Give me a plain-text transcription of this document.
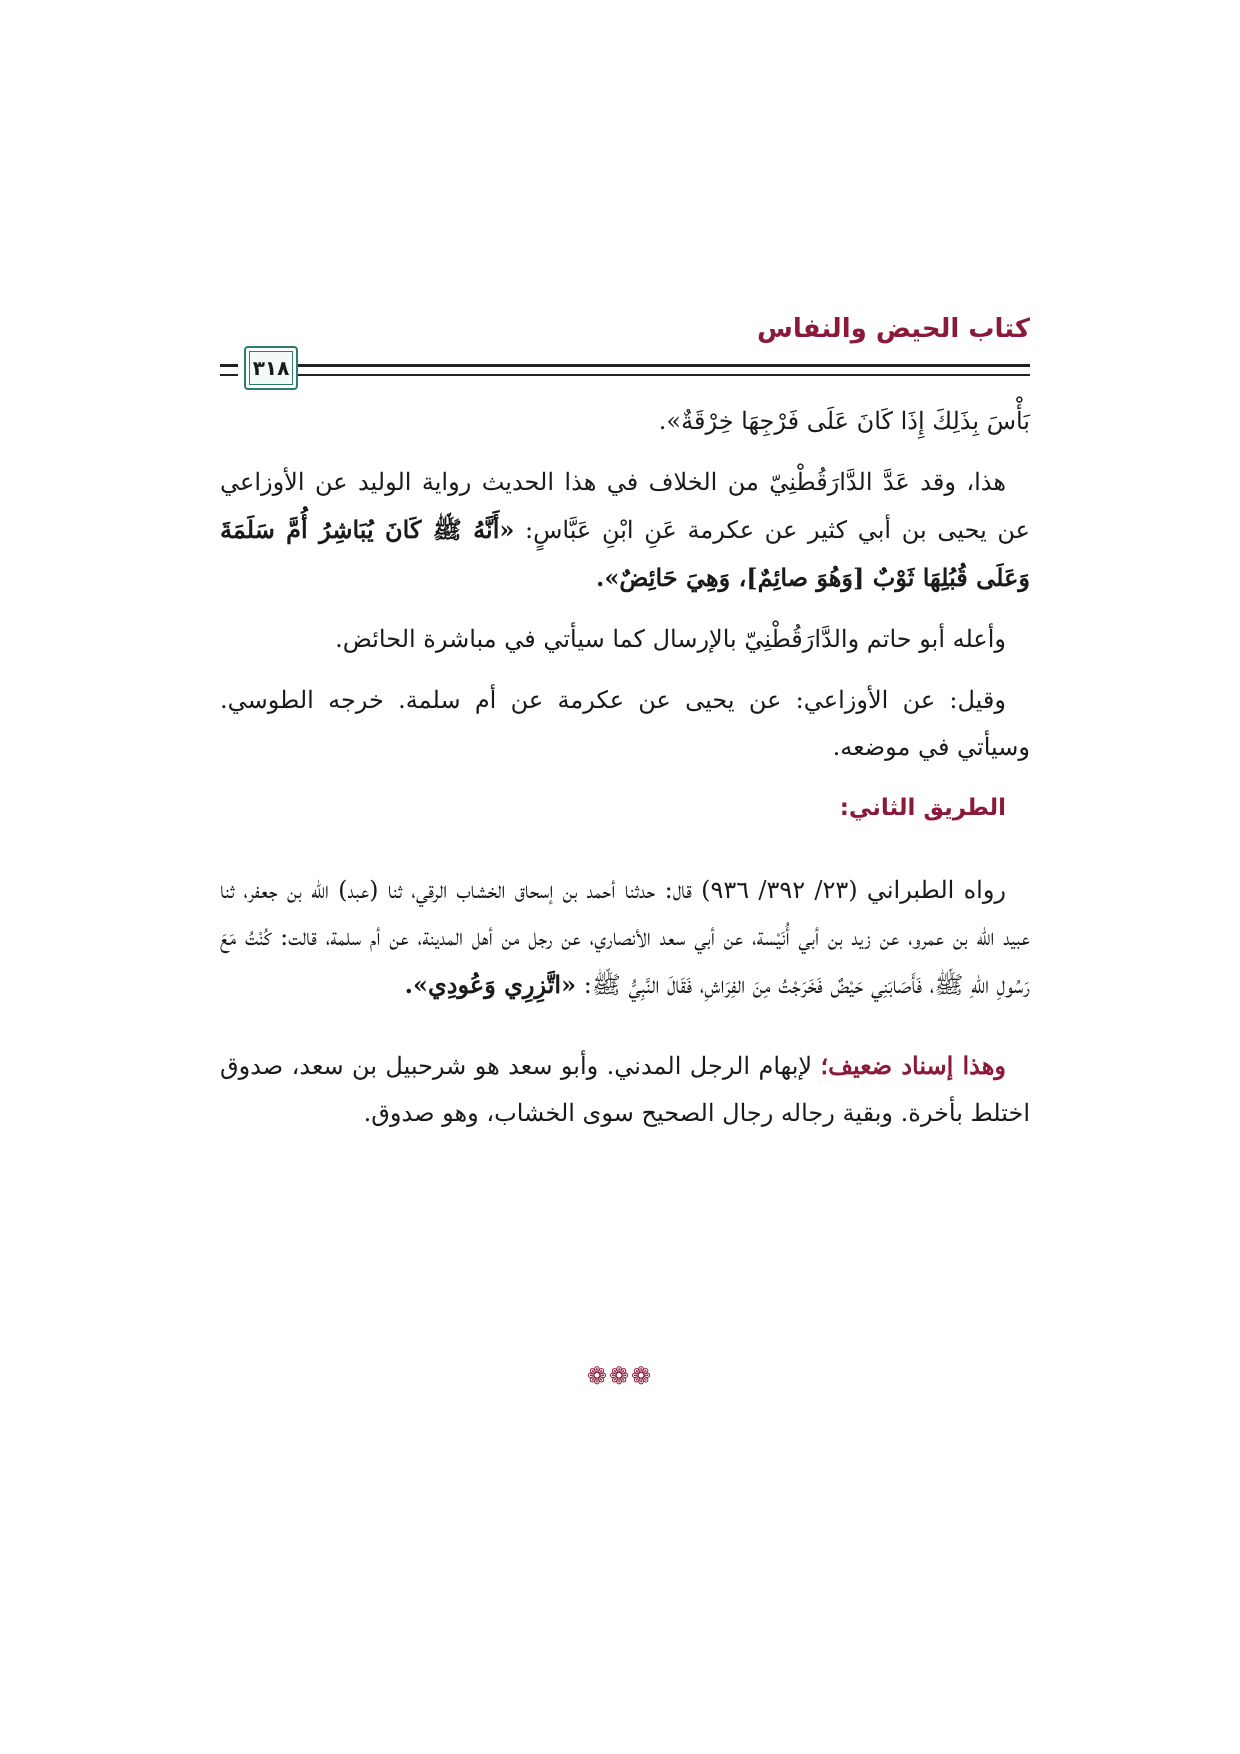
كتاب الحيض والنفاس
٣١٨

بَأْسَ بِذَلِكَ إِذَا كَانَ عَلَى فَرْجِهَا خِرْقَةٌ».

هذا، وقد عَدَّ الدَّارَقُطْنِيّ من الخلاف في هذا الحديث رواية الوليد عن الأوزاعي عن يحيى بن أبي كثير عن عكرمة عَنِ ابْنِ عَبَّاسٍ: «أَنَّهُ ﷺ كَانَ يُبَاشِرُ أُمَّ سَلَمَةَ وَعَلَى قُبُلِهَا ثَوْبٌ [وَهُوَ صائِمٌ]، وَهِيَ حَائِضٌ».

وأعله أبو حاتم والدَّارَقُطْنِيّ بالإرسال كما سيأتي في مباشرة الحائض.

وقيل: عن الأوزاعي: عن يحيى عن عكرمة عن أم سلمة. خرجه الطوسي. وسيأتي في موضعه.

الطريق الثاني:

رواه الطبراني (٢٣/ ٣٩٢/ ٩٣٦) قال: حدثنا أحمد بن إسحاق الخشاب الرقي، ثنا (عبد) الله بن جعفر، ثنا عبيد الله بن عمرو، عن زيد بن أبي أُنَيْسة، عن أبي سعد الأنصاري، عن رجل من أهل المدينة، عن أم سلمة، قالت: كُنْتُ مَعَ رَسُولِ اللهِ ﷺ، فَأَصَابَنِي حَيْضٌ فَخَرَجْتُ مِنَ الفِرَاشِ، فَقَالَ النَّبِيُّ ﷺ: «اتَّزِرِي وَعُودِي».

وهذا إسناد ضعيف؛ لإبهام الرجل المدني. وأبو سعد هو شرحبيل بن سعد، صدوق اختلط بأخرة. وبقية رجاله رجال الصحيح سوى الخشاب، وهو صدوق.

❁❁❁
